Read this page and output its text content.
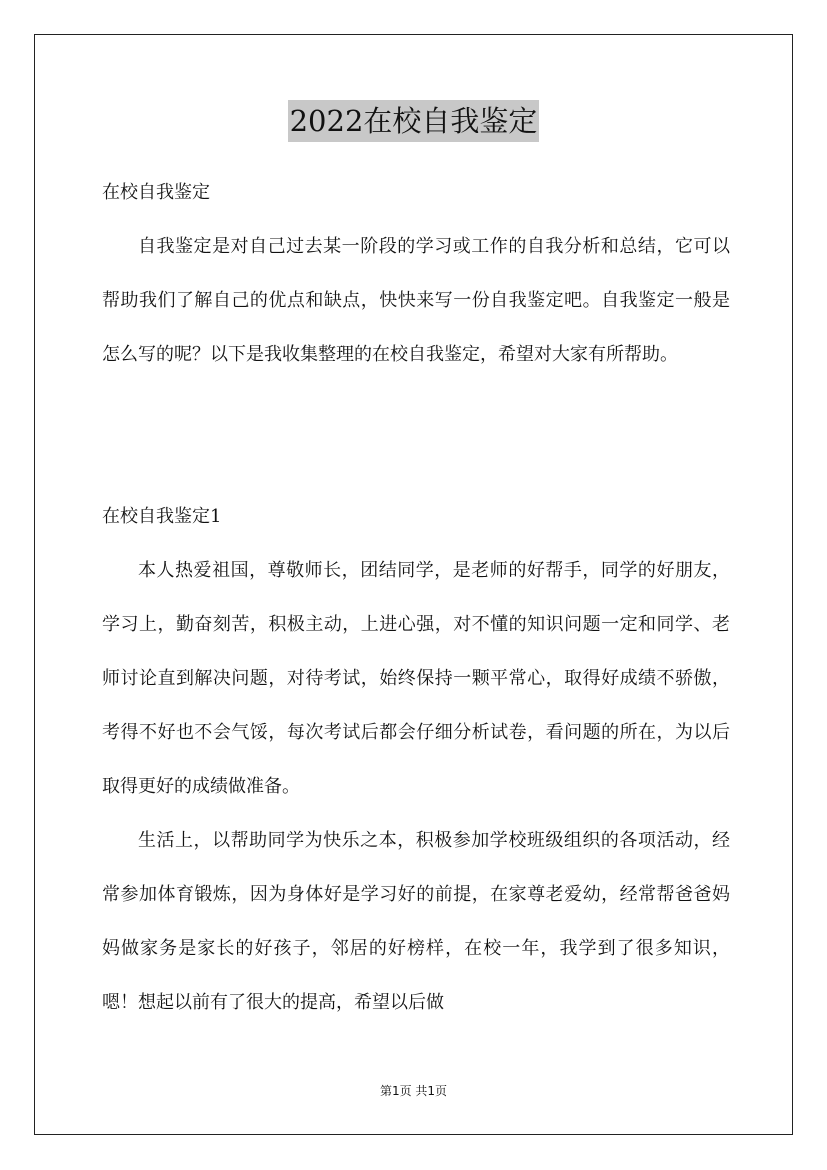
2022在校自我鉴定

在校自我鉴定

自我鉴定是对自己过去某一阶段的学习或工作的自我分析和总结，它可以帮助我们了解自己的优点和缺点，快快来写一份自我鉴定吧。自我鉴定一般是怎么写的呢？以下是我收集整理的在校自我鉴定，希望对大家有所帮助。

在校自我鉴定1

本人热爱祖国，尊敬师长，团结同学，是老师的好帮手，同学的好朋友， 学习上，勤奋刻苦，积极主动，上进心强，对不懂的知识问题一定和同学、老师讨论直到解决问题，对待考试，始终保持一颗平常心，取得好成绩不骄傲，考得不好也不会气馁，每次考试后都会仔细分析试卷，看问题的所在，为以后取得更好的成绩做准备。

生活上，以帮助同学为快乐之本，积极参加学校班级组织的各项活动，经常参加体育锻炼，因为身体好是学习好的前提，在家尊老爱幼，经常帮爸爸妈妈做家务是家长的好孩子，邻居的好榜样，在校一年，我学到了很多知识，嗯！想起以前有了很大的提高，希望以后做

第1页 共1页
